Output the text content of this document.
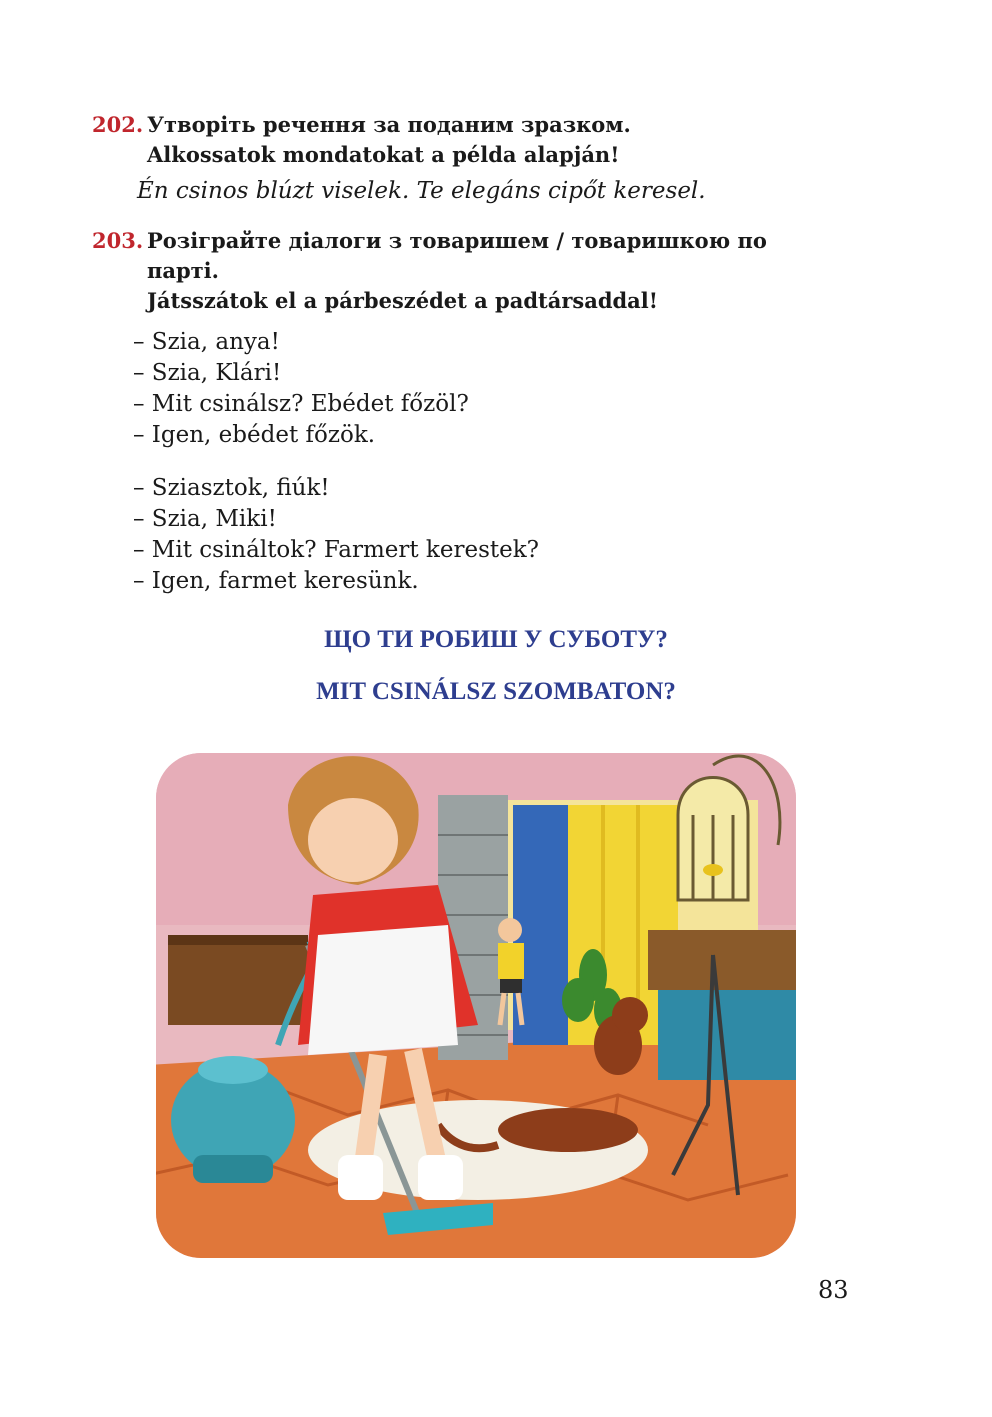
202. Утворіть речення за поданим зразком.
Alkossatok mondatokat a példa alapján!
Én csinos blúzt viselek. Te elegáns cipőt keresel.
203. Розіграйте діалоги з товаришем / товаришкою по
парті.
Játsszátok el a párbeszédet a padtársaddal!
– Szia, anya!
– Szia, Klári!
– Mit csinálsz? Ebédet főzöl?
– Igen, ebédet főzök.
– Sziasztok, fiúk!
– Szia, Miki!
– Mit csináltok? Farmert kerestek?
– Igen, farmet keresünk.
ЩО ТИ РОБИШ У СУБОТУ?
MIT CSINÁLSZ SZOMBATON?
83
